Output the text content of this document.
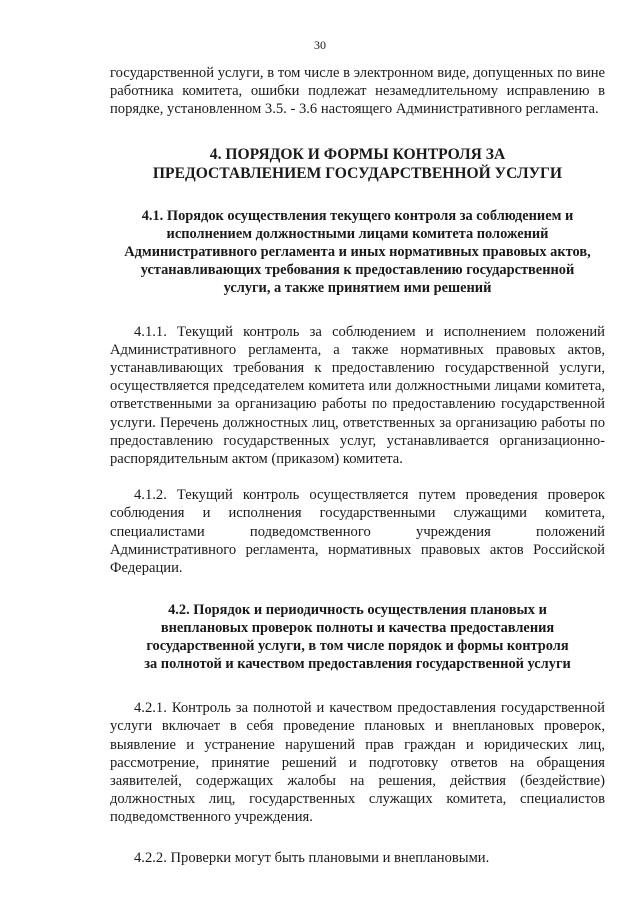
30

государственной услуги, в том числе в электронном виде, допущенных по вине работника комитета, ошибки подлежат незамедлительному исправлению в порядке, установленном 3.5. - 3.6 настоящего Административного регламента.

4. ПОРЯДОК И ФОРМЫ КОНТРОЛЯ ЗА ПРЕДОСТАВЛЕНИЕМ ГОСУДАРСТВЕННОЙ УСЛУГИ
4.1. Порядок осуществления текущего контроля за соблюдением и исполнением должностными лицами комитета положений Административного регламента и иных нормативных правовых актов, устанавливающих требования к предоставлению государственной услуги, а также принятием ими решений

4.1.1. Текущий контроль за соблюдением и исполнением положений Административного регламента, а также нормативных правовых актов, устанавливающих требования к предоставлению государственной услуги, осуществляется председателем комитета или должностными лицами комитета, ответственными за организацию работы по предоставлению государственной услуги. Перечень должностных лиц, ответственных за организацию работы по предоставлению государственных услуг, устанавливается организационно-распорядительным актом (приказом) комитета.

4.1.2. Текущий контроль осуществляется путем проведения проверок соблюдения и исполнения государственными служащими комитета, специалистами подведомственного учреждения положений Административного регламента, нормативных правовых актов Российской Федерации.

4.2. Порядок и периодичность осуществления плановых и внеплановых проверок полноты и качества предоставления государственной услуги, в том числе порядок и формы контроля за полнотой и качеством предоставления государственной услуги

4.2.1. Контроль за полнотой и качеством предоставления государственной услуги включает в себя проведение плановых и внеплановых проверок, выявление и устранение нарушений прав граждан и юридических лиц, рассмотрение, принятие решений и подготовку ответов на обращения заявителей, содержащих жалобы на решения, действия (бездействие) должностных лиц, государственных служащих комитета, специалистов подведомственного учреждения.

4.2.2. Проверки могут быть плановыми и внеплановыми.
